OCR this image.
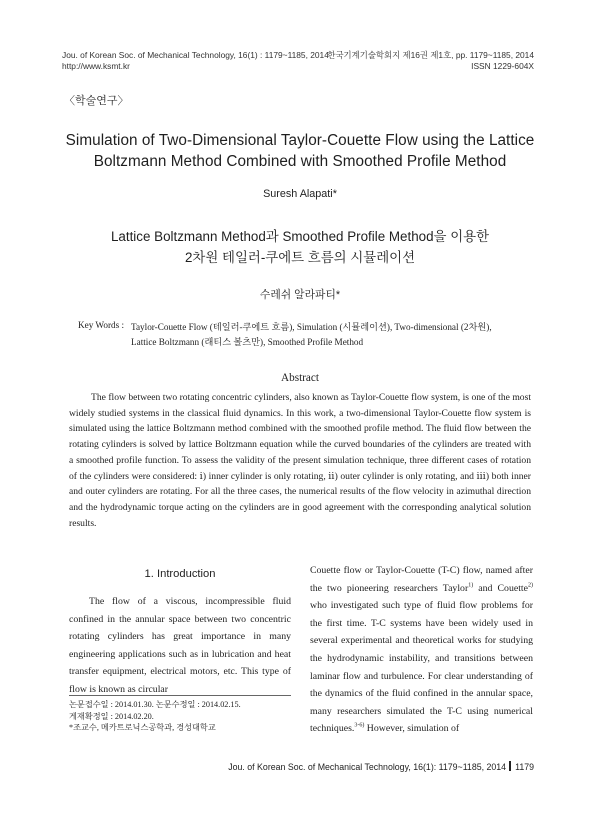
Jou. of Korean Soc. of Mechanical Technology, 16(1) : 1179~1185, 2014
http://www.ksmt.kr
한국기계기술학회지 제16권 제1호, pp. 1179~1185, 2014
ISSN 1229-604X
〈학술연구〉
Simulation of Two-Dimensional Taylor-Couette Flow using the Lattice
Boltzmann Method Combined with Smoothed Profile Method
Suresh Alapati*
Lattice Boltzmann Method과 Smoothed Profile Method을 이용한
2차원 테일러-쿠에트 흐름의 시뮬레이션
수레쉬 알라파티*
Key Words : Taylor-Couette Flow (테일러-쿠에트 흐름), Simulation (시뮬레이션), Two-dimensional (2차원),
Lattice Boltzmann (래티스 볼츠만), Smoothed Profile Method
Abstract
The flow between two rotating concentric cylinders, also known as Taylor-Couette flow system, is one of the most widely studied systems in the classical fluid dynamics. In this work, a two-dimensional Taylor-Couette flow system is simulated using the lattice Boltzmann method combined with the smoothed profile method. The fluid flow between the rotating cylinders is solved by lattice Boltzmann equation while the curved boundaries of the cylinders are treated with a smoothed profile function. To assess the validity of the present simulation technique, three different cases of rotation of the cylinders were considered: ⅰ) inner cylinder is only rotating, ⅱ) outer cylinder is only rotating, and ⅲ) both inner and outer cylinders are rotating. For all the three cases, the numerical results of the flow velocity in azimuthal direction and the hydrodynamic torque acting on the cylinders are in good agreement with the corresponding analytical solution results.
1. Introduction
The flow of a viscous, incompressible fluid confined in the annular space between two concentric rotating cylinders has great importance in many engineering applications such as in lubrication and heat transfer equipment, electrical motors, etc. This type of flow is known as circular
Couette flow or Taylor-Couette (T-C) flow, named after the two pioneering researchers Taylor$^{1)}$ and Couette$^{2)}$ who investigated such type of fluid flow problems for the first time. T-C systems have been widely used in several experimental and theoretical works for studying the hydrodynamic instability, and transitions between laminar flow and turbulence. For clear understanding of the dynamics of the fluid confined in the annular space, many researchers simulated the T-C using numerical techniques.$^{3-6)}$ However, simulation of
논문접수일 : 2014.01.30. 논문수정일 : 2014.02.15.
게재확정일 : 2014.02.20.
*조교수, 메카트로닉스공학과, 경성대학교
Jou. of Korean Soc. of Mechanical Technology, 16(1): 1179~1185, 2014 1179
